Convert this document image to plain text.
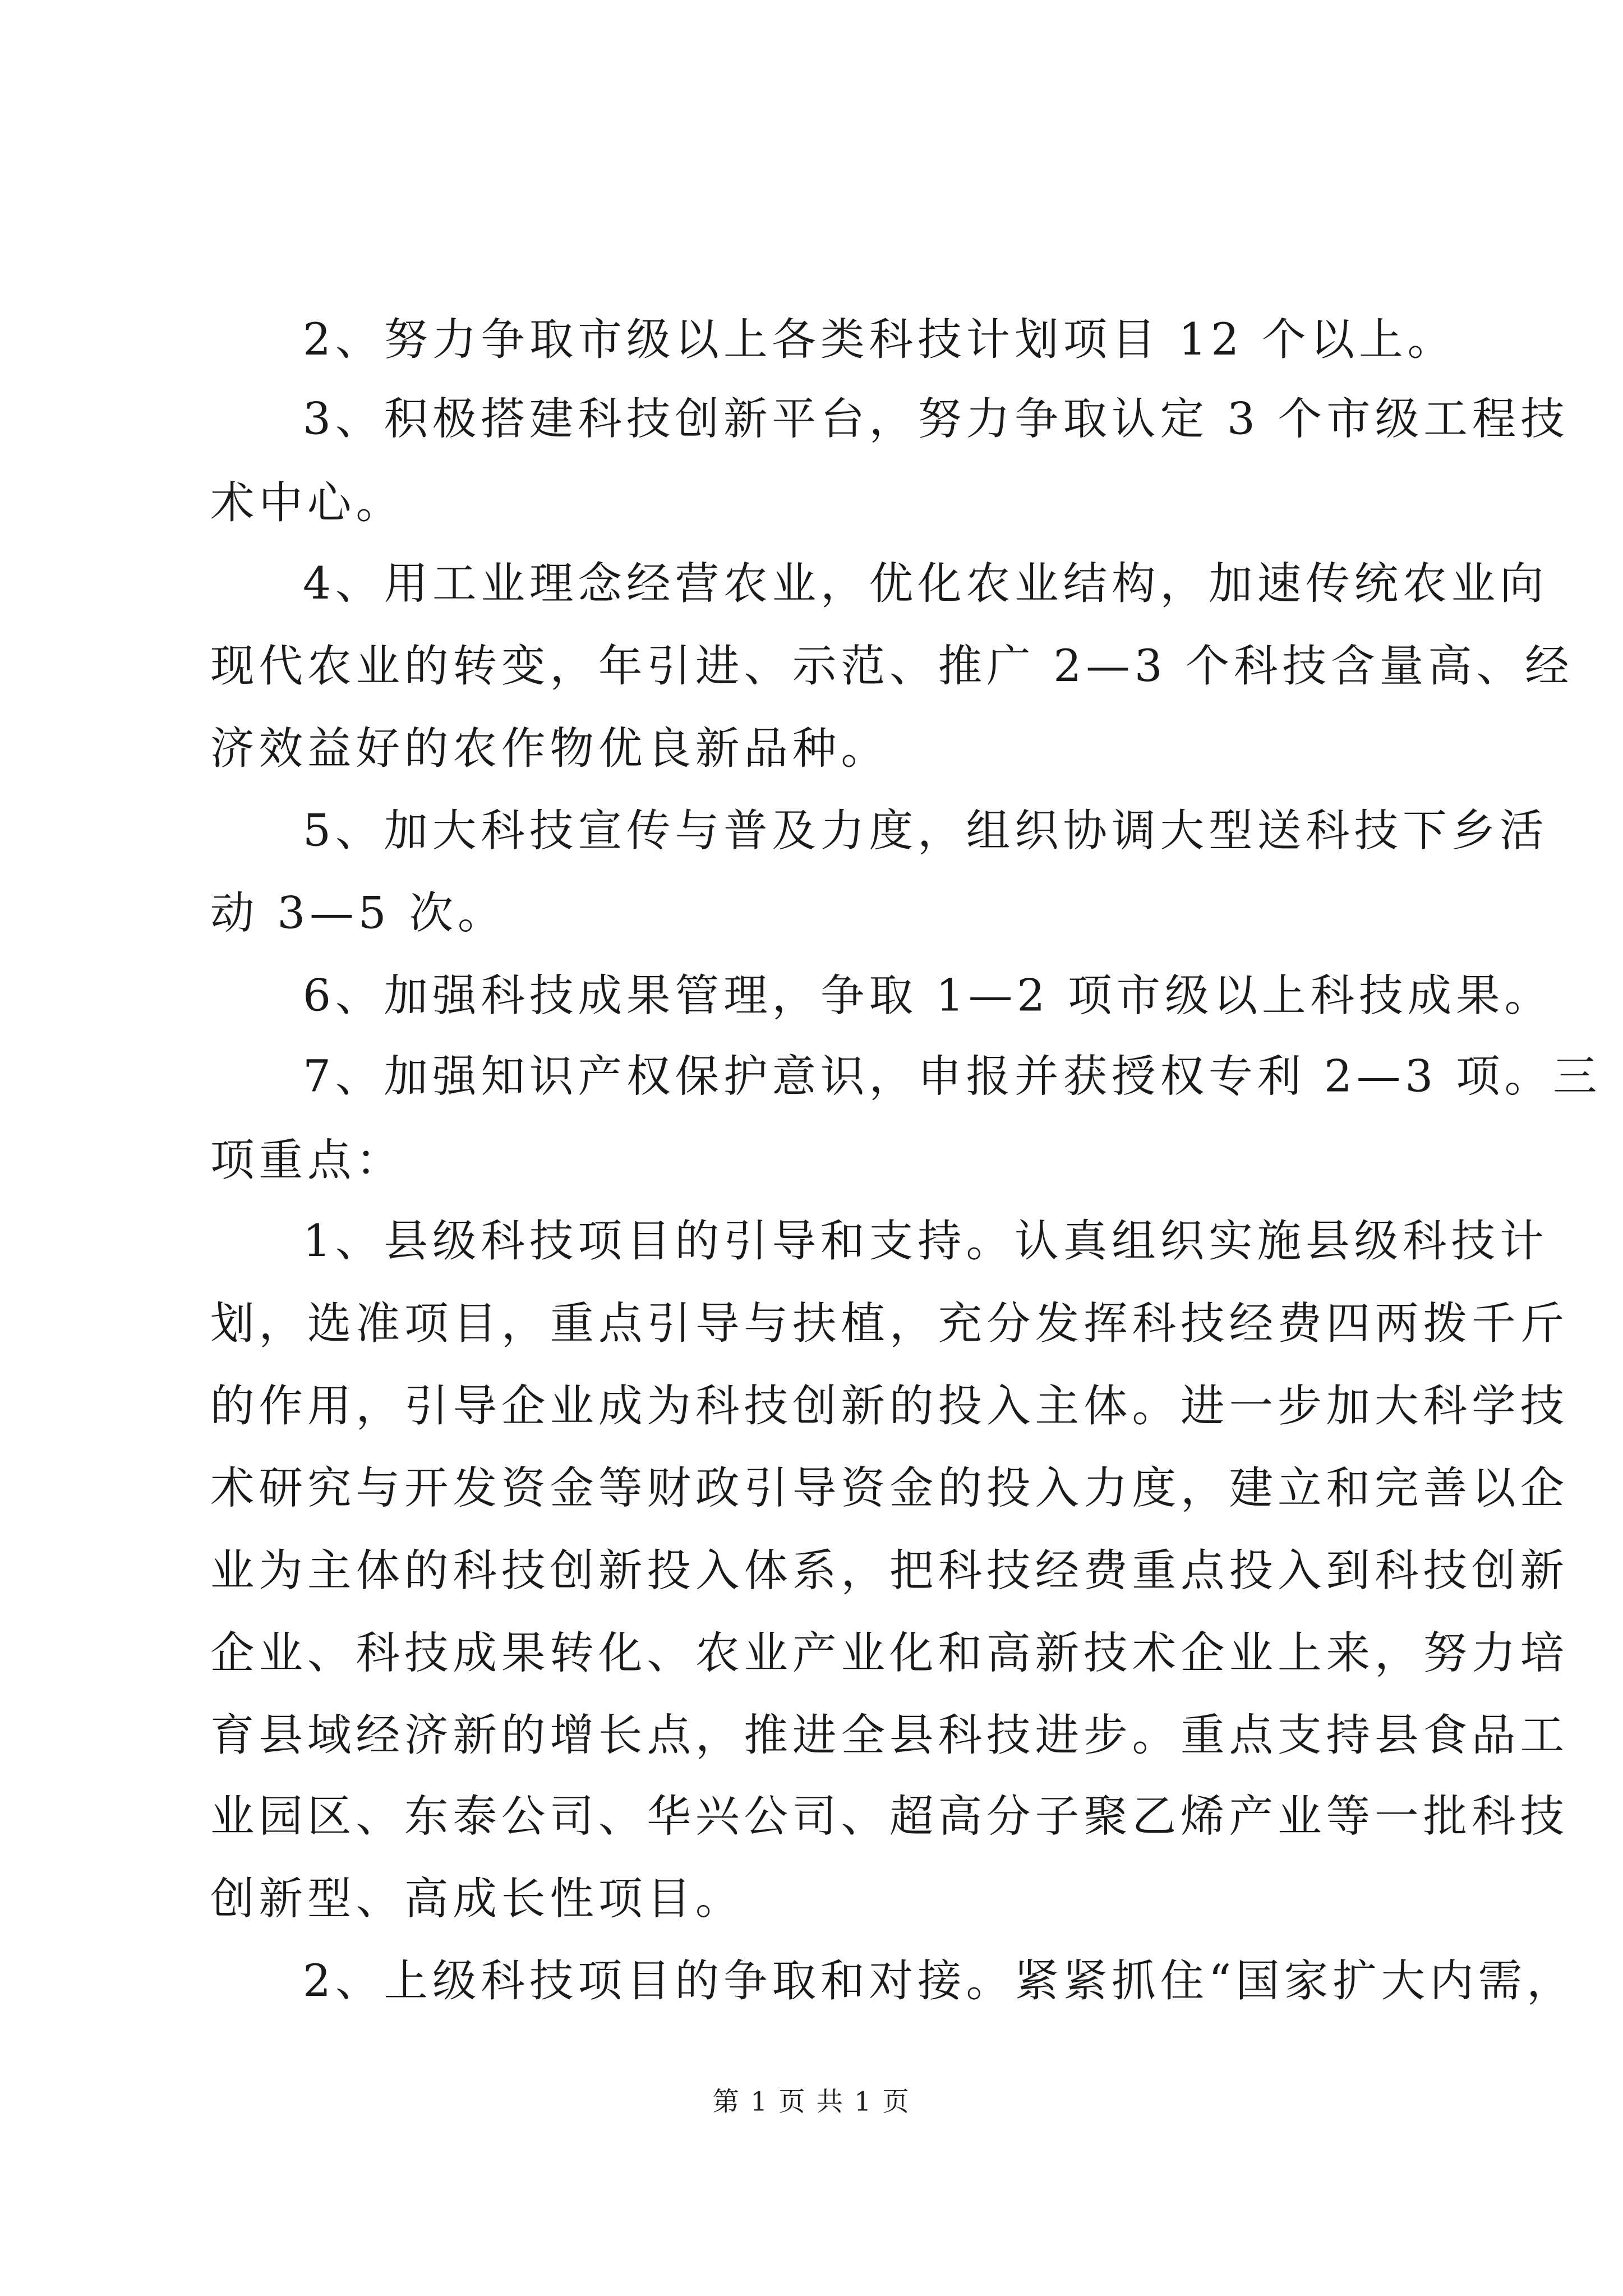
2、努力争取市级以上各类科技计划项目 12 个以上。
3、积极搭建科技创新平台，努力争取认定 3 个市级工程技
术中心。
4、用工业理念经营农业，优化农业结构，加速传统农业向
现代农业的转变，年引进、示范、推广 2—3 个科技含量高、经
济效益好的农作物优良新品种。
5、加大科技宣传与普及力度，组织协调大型送科技下乡活
动 3—5 次。
6、加强科技成果管理，争取 1—2 项市级以上科技成果。
7、加强知识产权保护意识，申报并获授权专利 2—3 项。三
项重点：
1、县级科技项目的引导和支持。认真组织实施县级科技计
划，选准项目，重点引导与扶植，充分发挥科技经费四两拨千斤
的作用，引导企业成为科技创新的投入主体。进一步加大科学技
术研究与开发资金等财政引导资金的投入力度，建立和完善以企
业为主体的科技创新投入体系，把科技经费重点投入到科技创新
企业、科技成果转化、农业产业化和高新技术企业上来，努力培
育县域经济新的增长点，推进全县科技进步。重点支持县食品工
业园区、东泰公司、华兴公司、超高分子聚乙烯产业等一批科技
创新型、高成长性项目。
2、上级科技项目的争取和对接。紧紧抓住“国家扩大内需，
第 1 页 共 1 页
